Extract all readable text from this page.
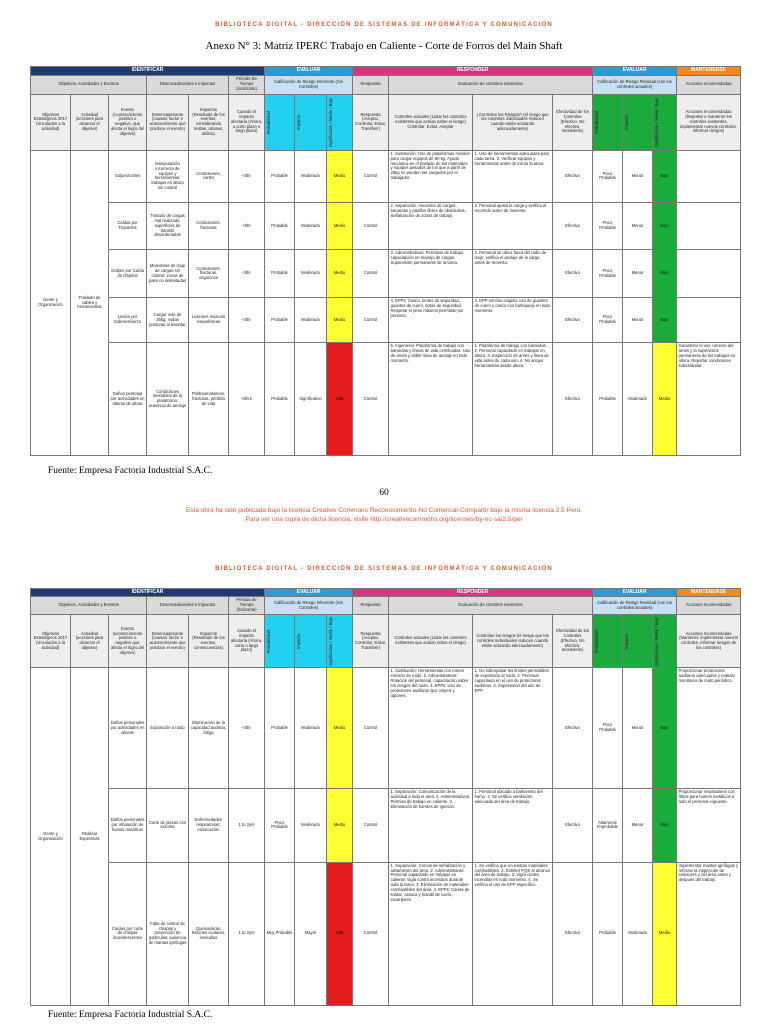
BIBLIOTECA DIGITAL - DIRECCIÓN DE SISTEMAS DE INFORMÁTICA Y COMUNICACIÓN
Anexo N° 3: Matriz IPERC Trabajo en Caliente - Corte de Forros del Main Shaft
IDENTIFICAR						EVALUAR			RESPONDER				EVALUAR			MANTENERSE
Objetivos, Actividades y Eventos			Desencadenantes e Impactos		Periodo De Tiempo (Horizonte)	Calificación de Riesgo Inherente (Sin Controles)			Respuesta	Evaluación de controles existentes			Calificación de Riesgo Residual (con los controles actuales)			Acciones recomendadas
Objetivos Estratégicos 2017 (vinculados a la actividad)	Actividad (acciones para alcanzar el objetivo)	Evento (Acontecimiento positivo o negativo, que afecta el logro del objetivo)	Desencadenante (causas: factor o acontecimiento que produce el evento)	Impactos (Resultado de los eventos, considerando multas, atrasos, daños)	Cuando el impacto afectaría (Ahora, a corto plazo o largo plazo)	Probabilidad	Impacto	Significativo / Medio / Bajo	Respuesta (Aceptar, Controlar, Evitar, Transferir)	Controles actuales (Listar los controles existentes que actúan sobre el riesgo) Controlar, Evitar, Aceptar	¿Controlan los Riesgos? (el riesgo que los controles individuales reducen cuando están actuando adecuadamente)	Efectividad de los Controles (Efectivo, No efectivo, Inexistente)	Probabilidad	Impacto	Significativo / Medio / Bajo	Acciones recomendadas (Reportar o mantener los controles existentes, implementar nuevos controles, informar riesgos)
Gente y Organización	Traslado de cables y herramientas	Golpes/cortes	Manipulación incorrecta de equipos y herramientas; trabajos en altura sin control	Contusiones, cortes	<5hr	Probable	Moderado	Medio	Control	1. Sustitución: Uso de plataformas móviles para cargar equipos de 50 kg. Ayuda mecánica en el traslado de los materiales y equipos pesados de los que a partir de 25kg no pueden ser cargados por el trabajador.	1. Uso de herramientas adecuadas para cada tarea. 2. Verificar equipos y herramientas antes de iniciar la tarea.	Efectivo	Poco Probable	Menor	Bajo	
		Caídas por Tropiezos	Trasado de cargas mal realizado; superficies de tránsito desordenadas	Contusiones, fracturas	<5hr	Probable	Moderado	Medio	Control	2. Separación: Ascensor de cargas, barandas y pasillos libres de obstáculos. Señalización de zonas de trabajo.	2. Personal ajusta la carga y verifica el recorrido antes de moverse.	Efectivo	Poco Probable	Menor	Bajo	
		Golpes por Caída de Objetos	Maniobras de izaje de cargas sin control; zonas de paso no delimitadas	Contusiones, fracturas, esguinces	<5hr	Probable	Moderado	Medio	Control	3. Administrativos: Permisos de trabajo, capacitación en manejo de cargas. Supervisión permanente de la tarea.	3. Personal se ubica fuera del radio de izaje; verifica el anclaje de la carga antes de moverla.	Efectivo	Poco Probable	Menor	Bajo	
		Lesión por Sobreesfuerzo	Cargar más de 25kg; malas posturas al levantar	Lesiones músculo esqueléticas	<5hr	Probable	Moderado	Medio	Control	4. EPPs: Casco, lentes de seguridad, guantes de cuero, botas de seguridad. Respetar el peso máximo permitido por persona.	4. EPP mínimo exigido; uso de guantes de cuero y casco con barbiquejo en todo momento.	Efectivo	Poco Probable	Menor	Bajo	
		Daños personal por actividades en alturas de altura	Condiciones inestables de la plataforma; ausencia de anclaje	Politraumatismos, fracturas, pérdida de vida	<5hrs	Probable	Significativo	Alto	Control	5. Ingeniería: Plataforma de trabajo con barandas y líneas de vida certificadas. Uso de arnés y doble línea de anclaje en todo momento.	1. Plataforma de trabajo con barandas. 2. Personal capacitado en trabajos en altura. 3. Inspección de arnés y línea de vida antes de cada uso. 4. No arrojar herramientas desde altura.	Efectivo	Probable	Moderado	Medio	Garantizar el uso correcto del arnés y la supervisión permanente de los trabajos en altura. Reportar condiciones subestándar.
Fuente: Empresa Factoria Industrial S.A.C.
60
Esta obra ha sido publicada bajo la licencia Creative Commons Reconocimiento-No Comercial-Compartir bajo la misma licencia 2.5 Perú.
Para ver una copia de dicha licencia, visite http://creativecommons.org/licenses/by-nc-sa/2.5/pe/
BIBLIOTECA DIGITAL - DIRECCIÓN DE SISTEMAS DE INFORMÁTICA Y COMUNICACIÓN
IDENTIFICAR						EVALUAR			RESPONDER				EVALUAR			MANTENERSE
Objetivos, Actividades y Eventos			Desencadenantes e Impactos		Periodo de Tiempo (horizonte)	Calificación de Riesgo Inherente (Sin Controles)			Respuesta	Evaluación de controles existentes			Calificación de Riesgo Residual (con los controles actuales)			Acciones recomendadas
Objetivos Estratégicos 2017 (vinculados a la actividad)	Actividad (acciones para alcanzar el objetivo)	Evento (acontecimiento positivo o negativo que afecta el logro del objetivo)	Desencadenante (causas: factor o acontecimiento que produce el evento)	Impactos (Resultado de los eventos, consecuencias)	Cuando el impacto afectaría (Ahora, corto o largo plazo)	Probabilidad	Impacto	Significativo / Medio / Bajo	Respuesta (Aceptar, Controlar, Evitar, Transferir)	Controles actuales (Listar los controles existentes que actúan sobre el riesgo)	Controlan los riesgos (el riesgo que los controles individuales reducen cuando están actuando adecuadamente)	Efectividad de los Controles (Efectivo, No efectivo, Inexistente)	Probabilidad	Impacto	Significativo / Medio / Bajo	Acciones recomendadas (Mantener, implementar nuevos controles, informar riesgos de los controles)
Gente y Organización	Realizar Esperanza	Daños personales por actividades en alturas	Exposición a ruido	Disminución de la capacidad auditiva; fatiga	<5hr	Probable	Moderado	Medio	Control	1. Sustitución: Herramientas con menor emisión de ruido. 2. Administrativos: Rotación del personal, capacitación sobre los riesgos del ruido. 3. EPPs: Uso de protectores auditivos tipo orejera y tapones.	1. No sobrepasar los límites permisibles de exposición al ruido. 2. Personal capacitado en el uso de protectores auditivos. 3. Supervisión del uso de EPP.	Efectivo	Poco Probable	Menor	Bajo	Proporcionar protectores auditivos adecuados y realizar monitoreo de ruido periódico.
		Daños personales por inhalación de humos metálicos	Corte de piezas con oxicorte	Enfermedades respiratorias; intoxicación	1 to 2yrs	Poco Probable	Moderado	Medio	Control	1. Separación: Comunicación de la actividad a toda el área. 2. Administrativos: Permiso de trabajo en caliente. 3. Eliminación de fuentes de ignición.	1. Personal ubicado a barlovento del humo. 2. Se verifica ventilación adecuada del área de trabajo.	Efectivo	Altamente Improbable	Menor	Bajo	Proporcionar respiradores con filtros para humos metálicos a todo el personal expuesto.
		Caídas por corte de chispas incandescentes	Falta de control de chispas y proyección de partículas; ausencia de mantas ignífugas	Quemaduras, lesiones oculares, incendios	1 to 2yrs	Muy Probable	Mayor	Alto	Control	1. Separación: Cercos de señalización y aislamiento del área. 2. Administrativos: Personal capacitado en trabajos en caliente; vigía contra incendios durante toda la tarea. 3. Eliminación de materiales combustibles del área. 4. EPPs: Careta de soldar, casaca y mandil de cuero, escarpines.	1. Se verifica que no existan materiales combustibles. 2. Extintor PQS al alcance del área de trabajo. 3. Vigía contra incendios en todo momento. 4. Se verifica el uso de EPP específico.	Efectivo	Probable	Moderado	Medio	Implementar mantas ignífugas y reforzar la inspección de extintores y del área antes y después del trabajo.
Fuente: Empresa Factoria Industrial S.A.C.
